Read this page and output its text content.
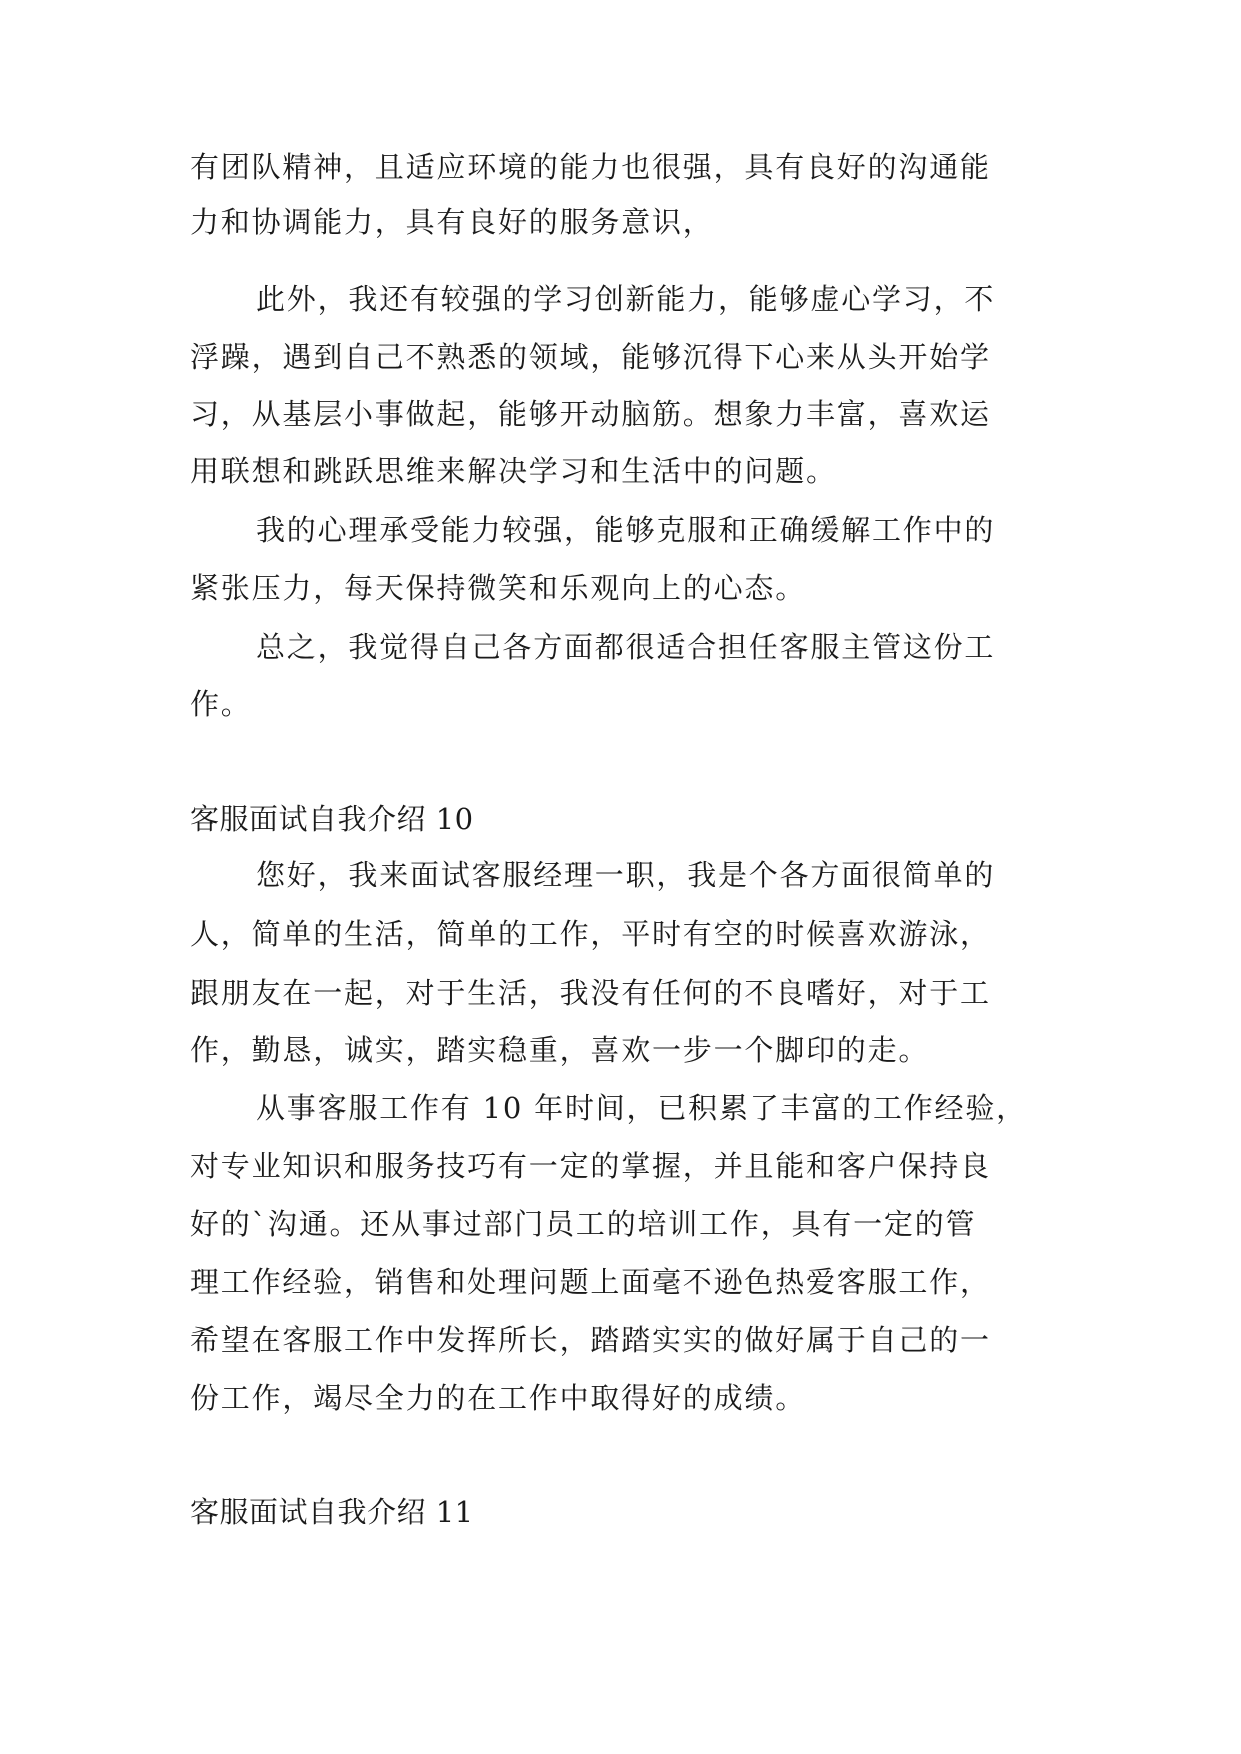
有团队精神，且适应环境的能力也很强，具有良好的沟通能
力和协调能力，具有良好的服务意识，
此外，我还有较强的学习创新能力，能够虚心学习，不
浮躁，遇到自己不熟悉的领域，能够沉得下心来从头开始学
习，从基层小事做起，能够开动脑筋。想象力丰富，喜欢运
用联想和跳跃思维来解决学习和生活中的问题。
我的心理承受能力较强，能够克服和正确缓解工作中的
紧张压力，每天保持微笑和乐观向上的心态。
总之，我觉得自己各方面都很适合担任客服主管这份工
作。
客服面试自我介绍 10
您好，我来面试客服经理一职，我是个各方面很简单的
人，简单的生活，简单的工作，平时有空的时候喜欢游泳，
跟朋友在一起，对于生活，我没有任何的不良嗜好，对于工
作，勤恳，诚实，踏实稳重，喜欢一步一个脚印的走。
从事客服工作有 10 年时间，已积累了丰富的工作经验，
对专业知识和服务技巧有一定的掌握，并且能和客户保持良
好的`沟通。还从事过部门员工的培训工作，具有一定的管
理工作经验，销售和处理问题上面毫不逊色热爱客服工作，
希望在客服工作中发挥所长，踏踏实实的做好属于自己的一
份工作，竭尽全力的在工作中取得好的成绩。
客服面试自我介绍 11
